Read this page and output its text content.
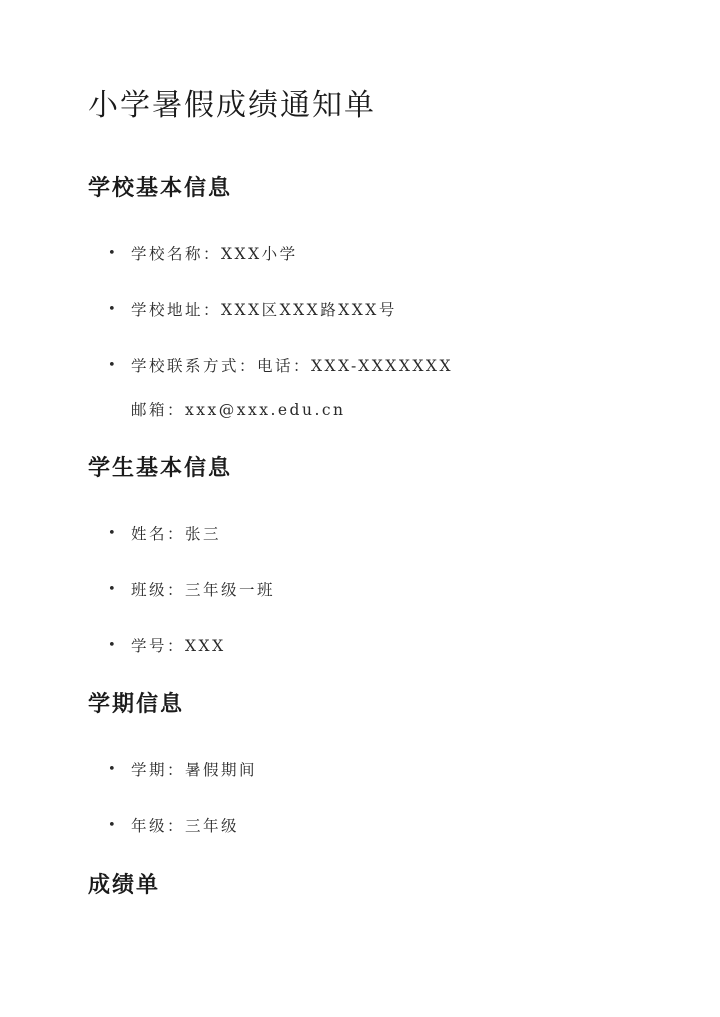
小学暑假成绩通知单
学校基本信息
• 学校名称：XXX小学
• 学校地址：XXX区XXX路XXX号
• 学校联系方式：电话：XXX-XXXXXXX
邮箱：xxx@xxx.edu.cn
学生基本信息
• 姓名：张三
• 班级：三年级一班
• 学号：XXX
学期信息
• 学期：暑假期间
• 年级：三年级
成绩单
